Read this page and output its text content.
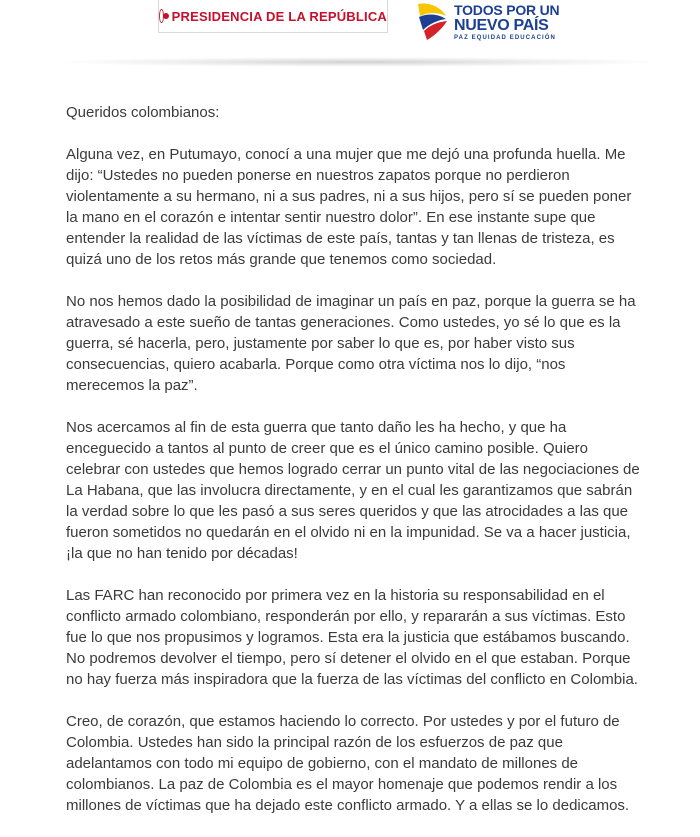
PRESIDENCIA DE LA REPÚBLICA	TODOS POR UN
NUEVO PAÍS
PAZ EQUIDAD EDUCACIÓN

Queridos colombianos:

Alguna vez, en Putumayo, conocí a una mujer que me dejó una profunda huella. Me dijo: “Ustedes no pueden ponerse en nuestros zapatos porque no perdieron violentamente a su hermano, ni a sus padres, ni a sus hijos, pero sí se pueden poner la mano en el corazón e intentar sentir nuestro dolor”. En ese instante supe que entender la realidad de las víctimas de este país, tantas y tan llenas de tristeza, es quizá uno de los retos más grande que tenemos como sociedad.

No nos hemos dado la posibilidad de imaginar un país en paz, porque la guerra se ha atravesado a este sueño de tantas generaciones. Como ustedes, yo sé lo que es la guerra, sé hacerla, pero, justamente por saber lo que es, por haber visto sus consecuencias, quiero acabarla. Porque como otra víctima nos lo dijo, “nos merecemos la paz”.

Nos acercamos al fin de esta guerra que tanto daño les ha hecho, y que ha enceguecido a tantos al punto de creer que es el único camino posible. Quiero celebrar con ustedes que hemos logrado cerrar un punto vital de las negociaciones de La Habana, que las involucra directamente, y en el cual les garantizamos que sabrán la verdad sobre lo que les pasó a sus seres queridos y que las atrocidades a las que fueron sometidos no quedarán en el olvido ni en la impunidad. Se va a hacer justicia, ¡la que no han tenido por décadas!

Las FARC han reconocido por primera vez en la historia su responsabilidad en el conflicto armado colombiano, responderán por ello, y repararán a sus víctimas. Esto fue lo que nos propusimos y logramos. Esta era la justicia que estábamos buscando. No podremos devolver el tiempo, pero sí detener el olvido en el que estaban. Porque no hay fuerza más inspiradora que la fuerza de las víctimas del conflicto en Colombia.

Creo, de corazón, que estamos haciendo lo correcto. Por ustedes y por el futuro de Colombia. Ustedes han sido la principal razón de los esfuerzos de paz que adelantamos con todo mi equipo de gobierno, con el mandato de millones de colombianos. La paz de Colombia es el mayor homenaje que podemos rendir a los millones de víctimas que ha dejado este conflicto armado. Y a ellas se lo dedicamos.
